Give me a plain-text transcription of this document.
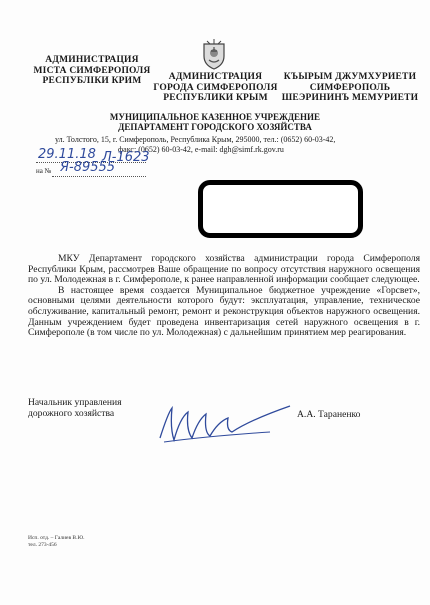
АДМИНИСТРАЦИЯ
МІСТА СИМФЕРОПОЛЯ
РЕСПУБЛІКИ КРИМ	АДМИНИСТРАЦИЯ
ГОРОДА СИМФЕРОПОЛЯ
РЕСПУБЛИКИ КРЫМ
КЪЫРЫМ ДЖУМХУРИЕТИ
СИМФЕРОПОЛЬ
ШЕЭРИНИНЪ МЕМУРИЕТИ
МУНИЦИПАЛЬНОЕ КАЗЕННОЕ УЧРЕЖДЕНИЕ
ДЕПАРТАМЕНТ ГОРОДСКОГО ХОЗЯЙСТВА
ул. Толстого, 15, г. Симферополь, Республика Крым, 295000, тел.: (0652) 60-03-42,
факс: (0652) 60-03-42, e-mail: dgh@simf.rk.gov.ru
29.11.18 Л-1623
на № Я-89555

МКУ Департамент городского хозяйства администрации города Симферополя Республики Крым, рассмотрев Ваше обращение по вопросу отсутствия наружного освещения по ул. Молодежная в г. Симферополе, к ранее направленной информации сообщает следующее.

В настоящее время создается Муниципальное бюджетное учреждение «Горсвет», основными целями деятельности которого будут: эксплуатация, управление, техническое обслуживание, капитальный ремонт, ремонт и реконструкция объектов наружного освещения. Данным учреждением будет проведена инвентаризация сетей наружного освещения в г. Симферополе (в том числе по ул. Молодежная) с дальнейшим принятием мер реагирования.

Начальник управления
дорожного хозяйства	А.А. Тараненко
Исп. отд. – Галиев В.Ю.
тел. 273-456
